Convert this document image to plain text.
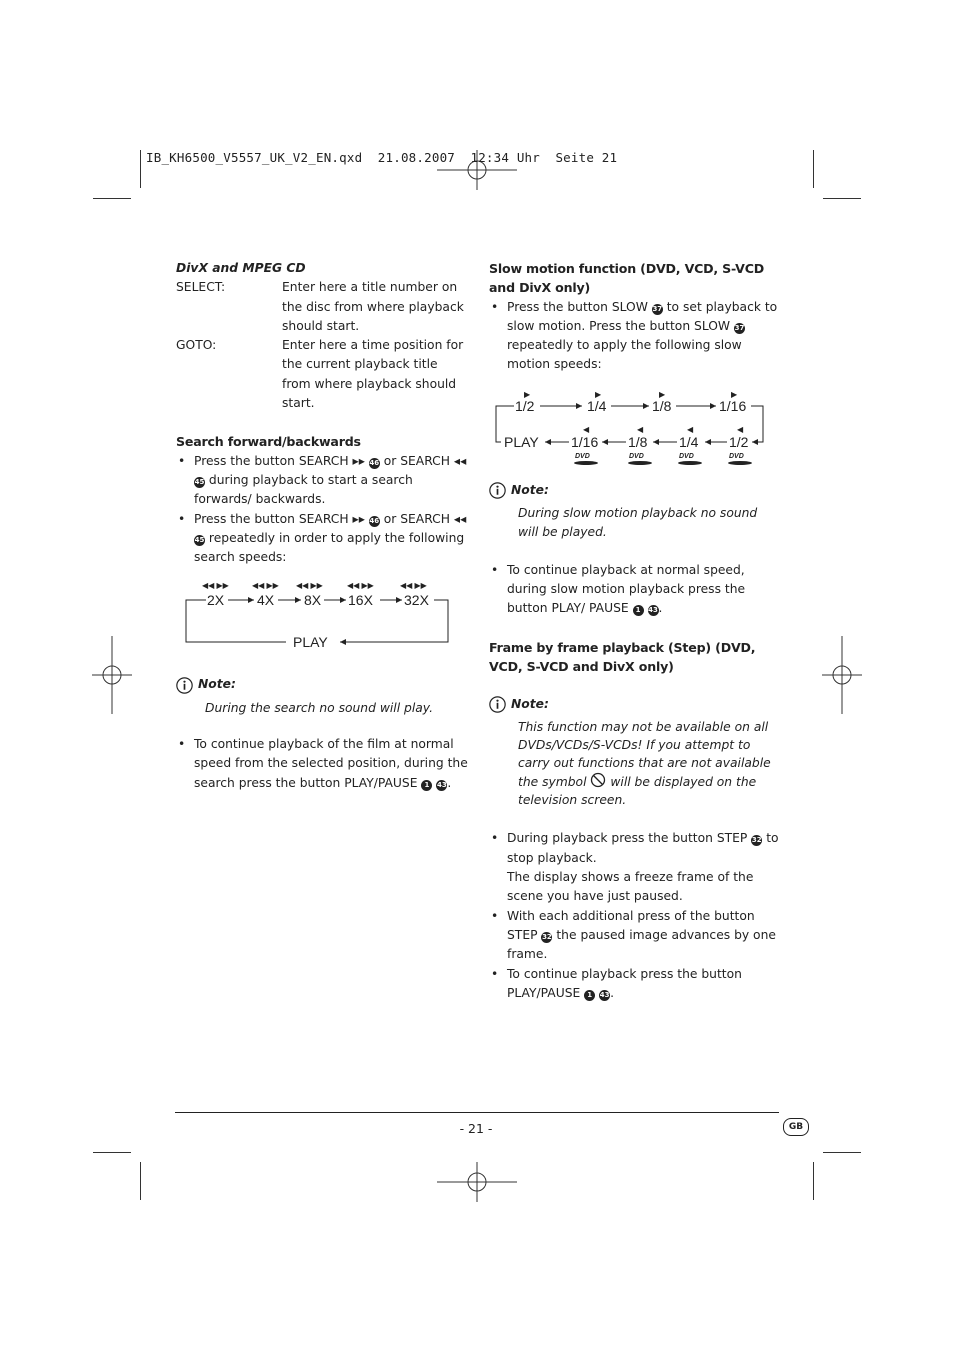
IB_KH6500_V5557_UK_V2_EN.qxd  21.08.2007  12:34 Uhr  Seite 21
DivX and MPEG CD
SELECT:	Enter here a title number on the disc from where playback should start.
GOTO:	Enter here a time position for the current playback title from where playback should start.
Search forward/backwards
• Press the button SEARCH ▸▸ 46 or SEARCH ◂◂ 45 during playback to start a search forwards/ backwards.
• Press the button SEARCH ▸▸ 46 or SEARCH ◂◂ 45 repeatedly in order to apply the following search speeds:
◀◀ ▶▶	◀◀ ▶▶ ◀◀ ▶▶	◀◀ ▶▶	◀◀ ▶▶
2X 4X 8X 16X 32X
PLAY
Note:
During the search no sound will play.
• To continue playback of the film at normal speed from the selected position, during the search press the button PLAY/PAUSE 1 43.
Slow motion function (DVD, VCD, S-VCD and DivX only)
• Press the button SLOW 37 to set playback to slow motion. Press the button SLOW 37 repeatedly to apply the following slow motion speeds:
▶	▶	▶	▶
◀	◀	◀	◀
1/2	1/4	1/8	1/16
PLAY 1/16 1/8 1/4 1/2
DVD	DVD	DVD	DVD
Note:
During slow motion playback no sound will be played.
• To continue playback at normal speed, during slow motion playback press the button PLAY/ PAUSE 1 43.
Frame by frame playback (Step) (DVD, VCD, S-VCD and DivX only)
Note:
This function may not be available on all DVDs/VCDs/S-VCDs! If you attempt to carry out functions that are not available the symbol will be displayed on the television screen.
• During playback press the button STEP 32 to stop playback.
The display shows a freeze frame of the scene you have just paused.
• With each additional press of the button STEP 32 the paused image advances by one frame.
• To continue playback press the button PLAY/PAUSE 1 43.
- 21 -	GB
